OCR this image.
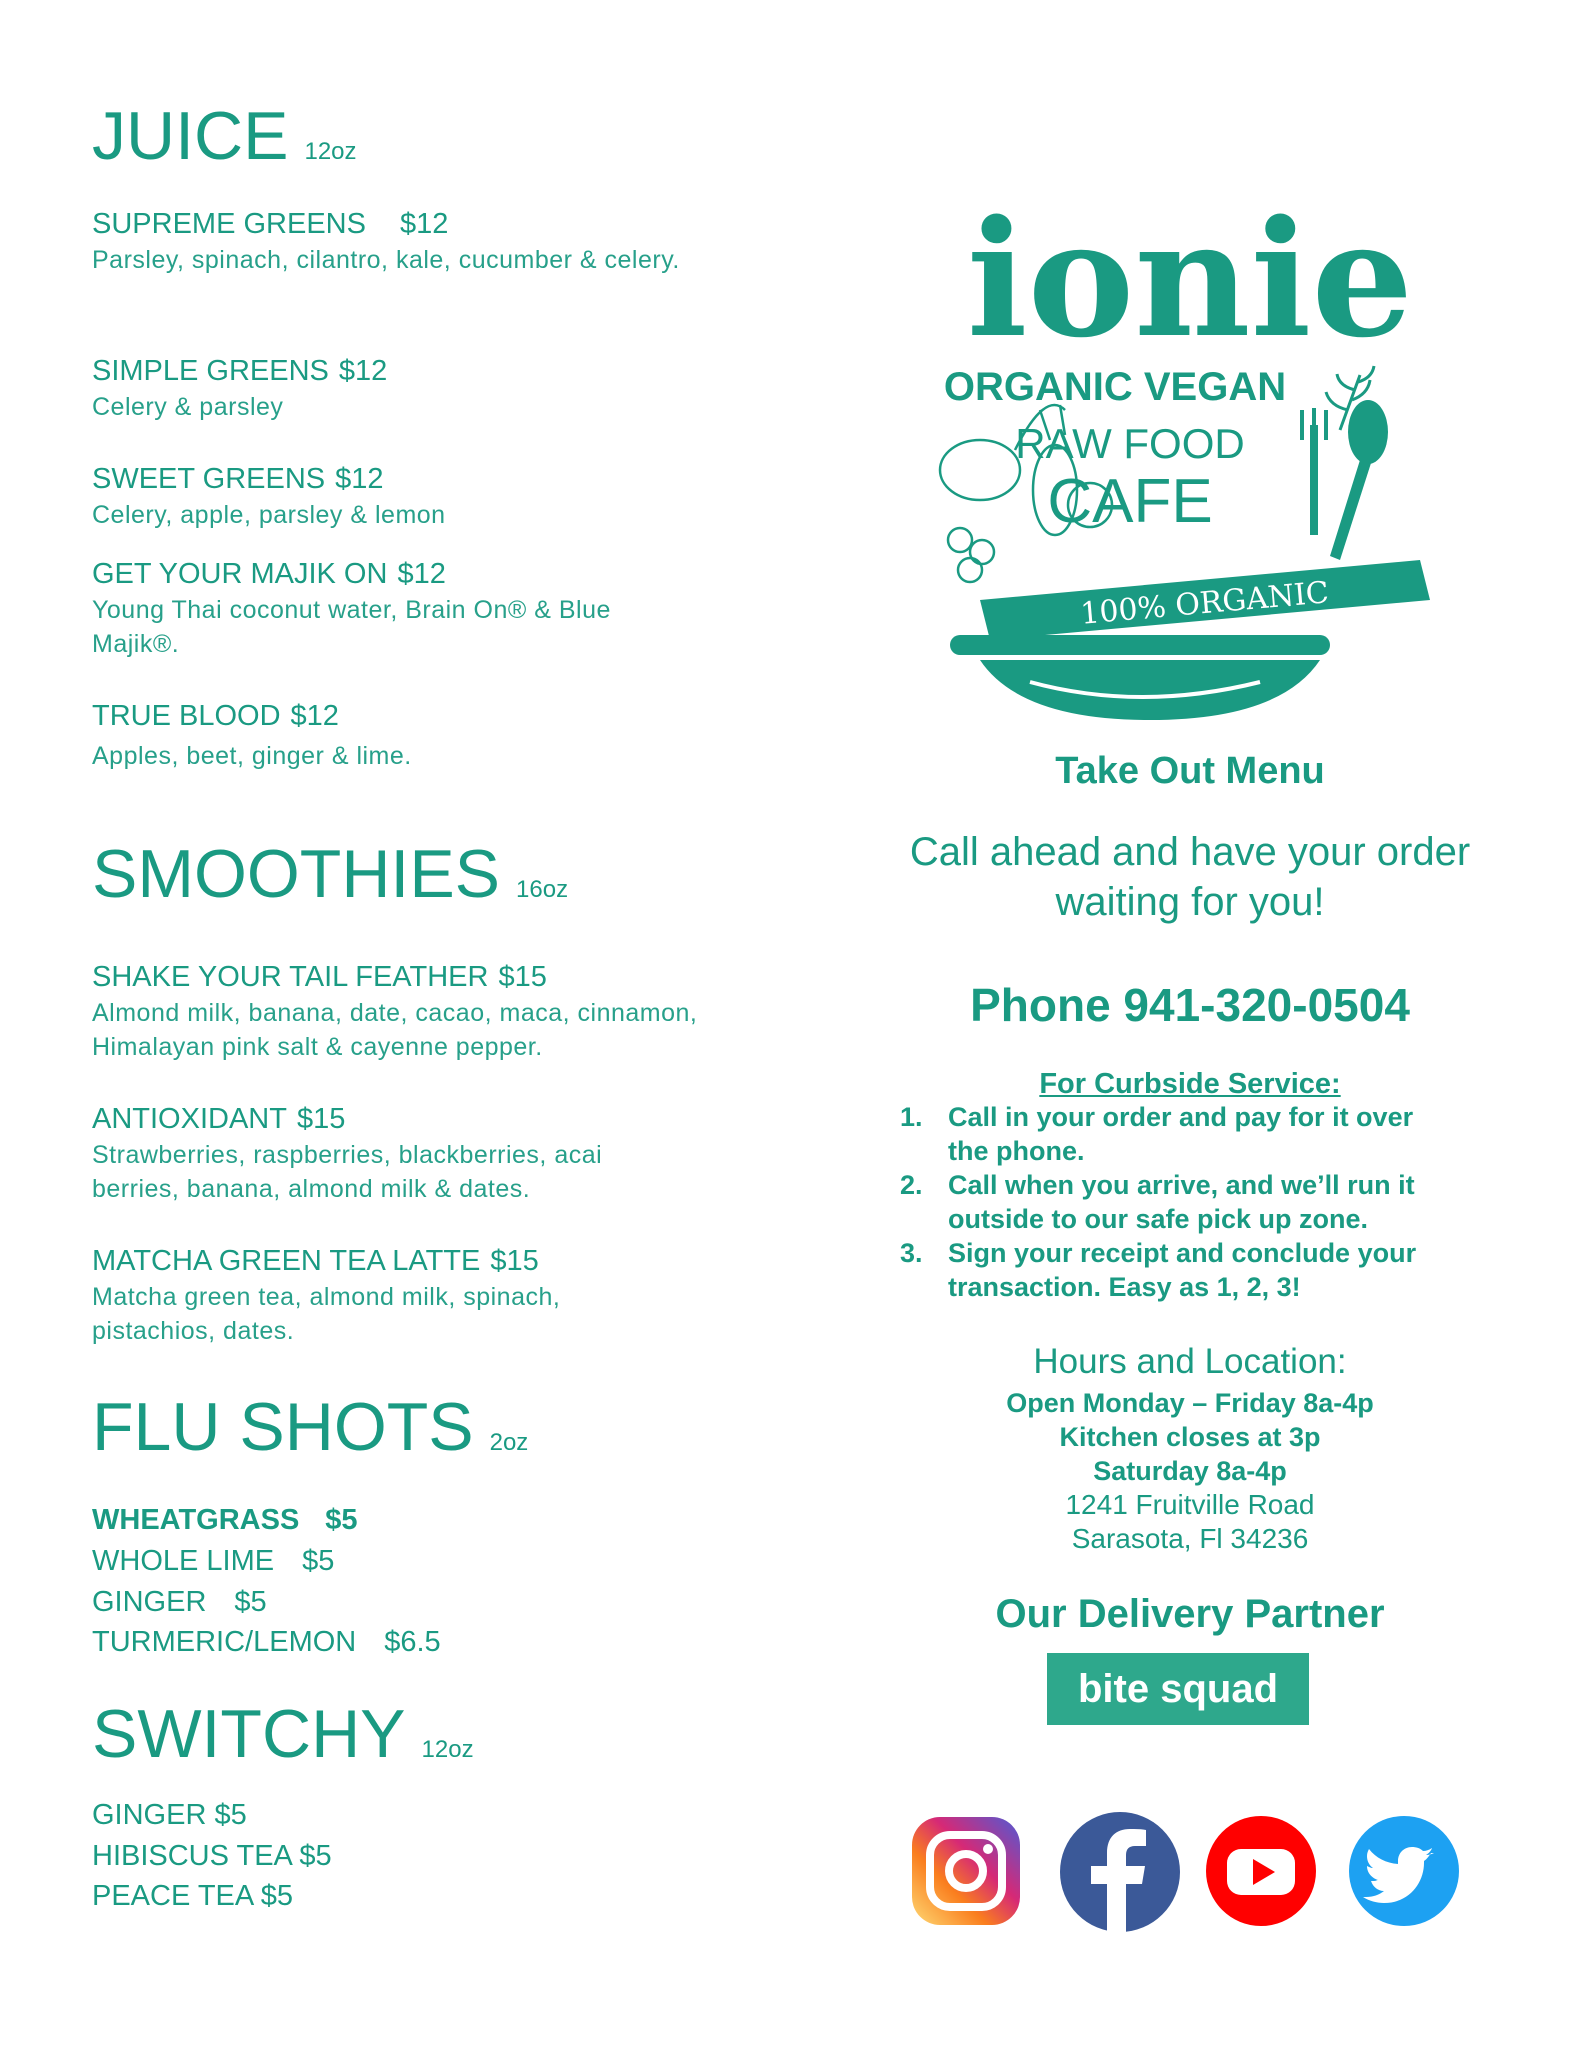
JUICE 12oz
SUPREME GREENS $12
Parsley, spinach, cilantro, kale, cucumber & celery.
SIMPLE GREENS $12
Celery & parsley
SWEET GREENS $12
Celery, apple, parsley & lemon
GET YOUR MAJIK ON $12
Young Thai coconut water, Brain On® & Blue Majik®.
TRUE BLOOD $12
Apples, beet, ginger & lime.
SMOOTHIES 16oz
SHAKE YOUR TAIL FEATHER $15
Almond milk, banana, date, cacao, maca, cinnamon, Himalayan pink salt & cayenne pepper.
ANTIOXIDANT $15
Strawberries, raspberries, blackberries, acai berries, banana, almond milk & dates.
MATCHA GREEN TEA LATTE $15
Matcha green tea, almond milk, spinach, pistachios, dates.
FLU SHOTS 2oz
WHEATGRASS $5
WHOLE LIME $5
GINGER $5
TURMERIC/LEMON $6.5
SWITCHY 12oz
GINGER $5
HIBISCUS TEA $5
PEACE TEA $5
ionie
ORGANIC VEGAN
RAW FOOD
CAFE
100% ORGANIC
Take Out Menu
Call ahead and have your order
waiting for you!
Phone 941-320-0504
For Curbside Service:
1. Call in your order and pay for it over
the phone.
2. Call when you arrive, and we’ll run it
outside to our safe pick up zone.
3. Sign your receipt and conclude your
transaction. Easy as 1, 2, 3!
Hours and Location:
Open Monday – Friday 8a-4p
Kitchen closes at 3p
Saturday 8a-4p
1241 Fruitville Road
Sarasota, Fl 34236
Our Delivery Partner
bite squad
